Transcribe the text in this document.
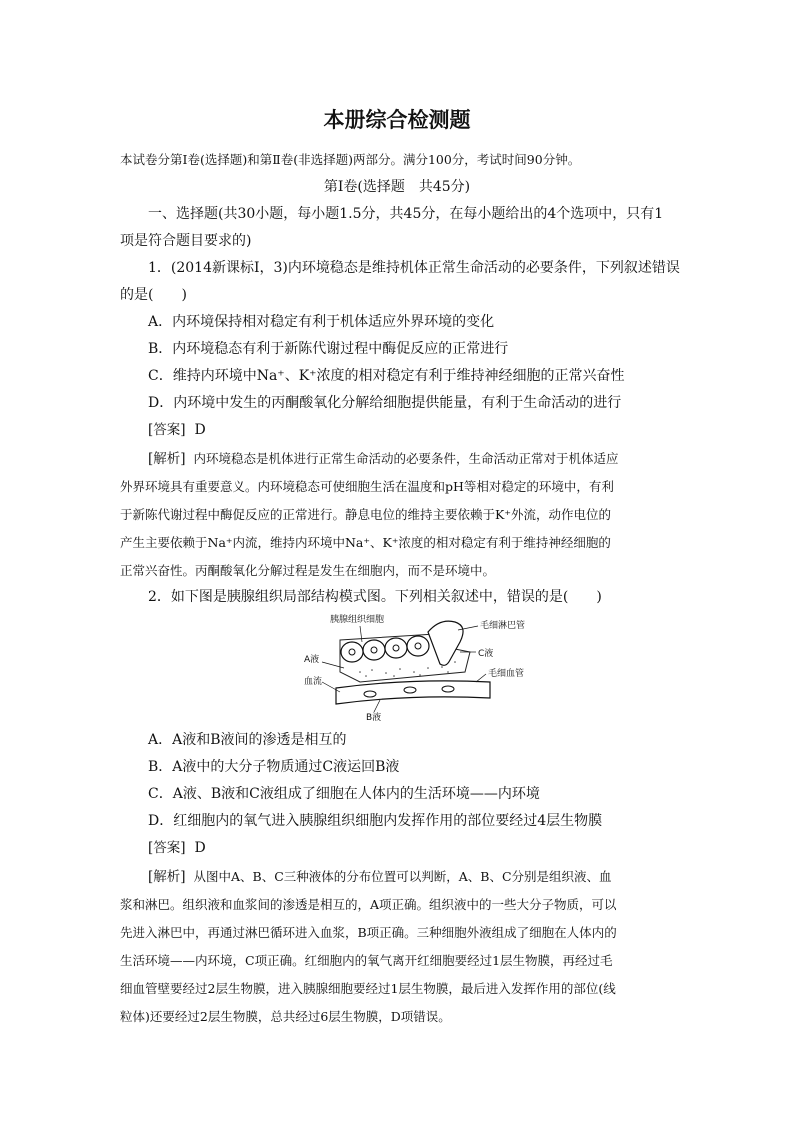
本册综合检测题
本试卷分第Ⅰ卷(选择题)和第Ⅱ卷(非选择题)两部分。满分100分，考试时间90分钟。
第Ⅰ卷(选择题　共45分)
一、选择题(共30小题，每小题1.5分，共45分，在每小题给出的4个选项中，只有1
项是符合题目要求的)
1．(2014新课标Ⅰ，3)内环境稳态是维持机体正常生命活动的必要条件，下列叙述错误
的是(　　)
A．内环境保持相对稳定有利于机体适应外界环境的变化
B．内环境稳态有利于新陈代谢过程中酶促反应的正常进行
C．维持内环境中Na⁺、K⁺浓度的相对稳定有利于维持神经细胞的正常兴奋性
D．内环境中发生的丙酮酸氧化分解给细胞提供能量，有利于生命活动的进行
[答案] D
[解析] 内环境稳态是机体进行正常生命活动的必要条件，生命活动正常对于机体适应
外界环境具有重要意义。内环境稳态可使细胞生活在温度和pH等相对稳定的环境中，有利
于新陈代谢过程中酶促反应的正常进行。静息电位的维持主要依赖于K⁺外流，动作电位的
产生主要依赖于Na⁺内流，维持内环境中Na⁺、K⁺浓度的相对稳定有利于维持神经细胞的
正常兴奋性。丙酮酸氧化分解过程是发生在细胞内，而不是环境中。
2．如下图是胰腺组织局部结构模式图。下列相关叙述中，错误的是(　　)
胰腺组织细胞
毛细淋巴管
C液
A液
毛细血管
血流
B液
A．A液和B液间的渗透是相互的
B．A液中的大分子物质通过C液运回B液
C．A液、B液和C液组成了细胞在人体内的生活环境——内环境
D．红细胞内的氧气进入胰腺组织细胞内发挥作用的部位要经过4层生物膜
[答案] D
[解析] 从图中A、B、C三种液体的分布位置可以判断，A、B、C分别是组织液、血
浆和淋巴。组织液和血浆间的渗透是相互的，A项正确。组织液中的一些大分子物质，可以
先进入淋巴中，再通过淋巴循环进入血浆，B项正确。三种细胞外液组成了细胞在人体内的
生活环境——内环境，C项正确。红细胞内的氧气离开红细胞要经过1层生物膜，再经过毛
细血管壁要经过2层生物膜，进入胰腺细胞要经过1层生物膜，最后进入发挥作用的部位(线
粒体)还要经过2层生物膜，总共经过6层生物膜，D项错误。
